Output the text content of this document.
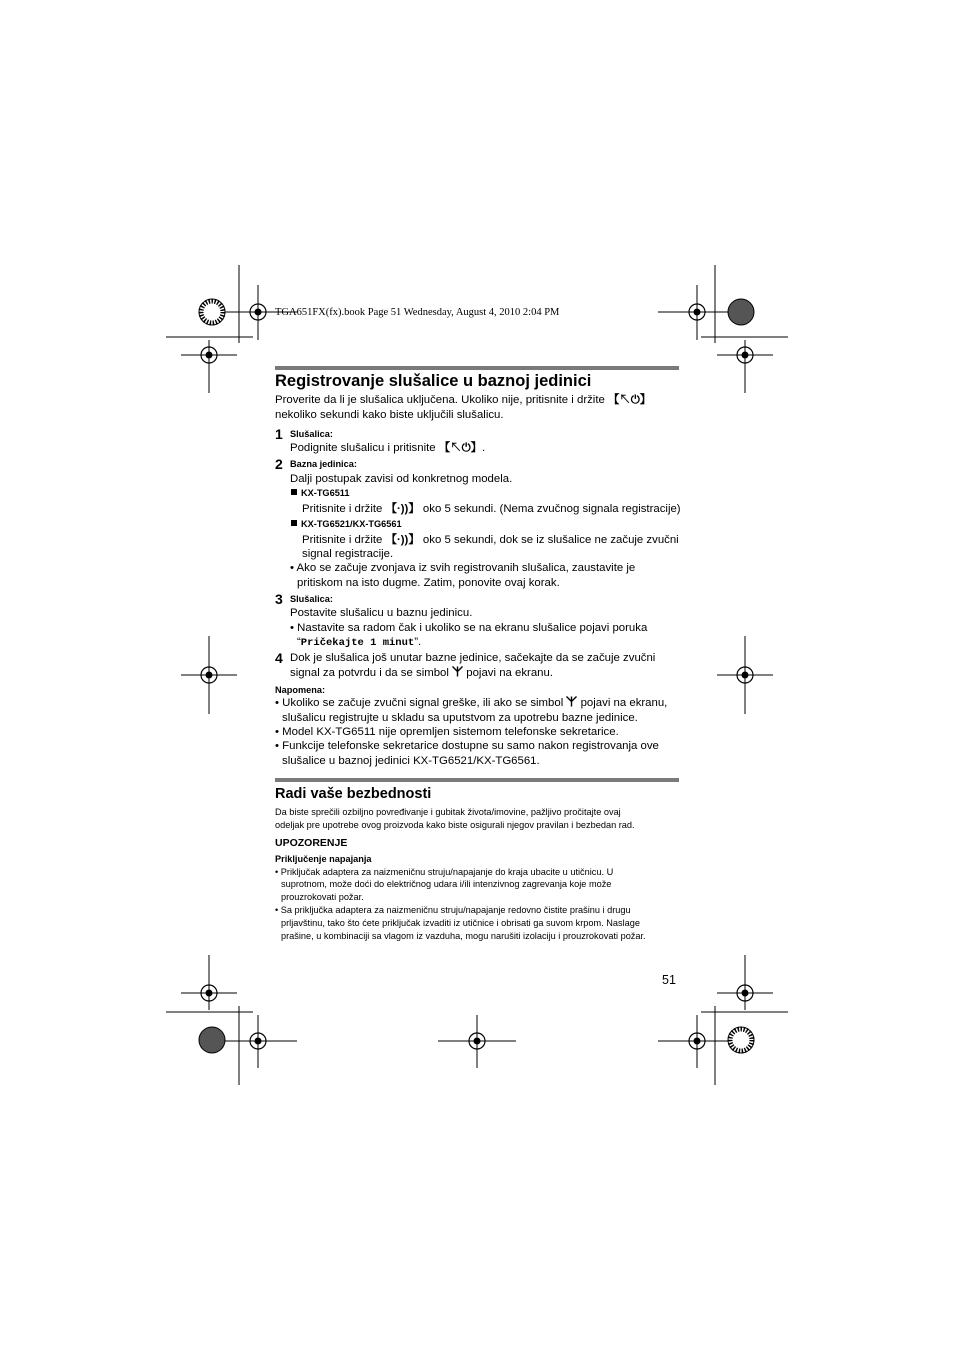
TGA651FX(fx).book Page 51 Wednesday, August 4, 2010 2:04 PM
Registrovanje slušalice u baznoj jedinici
Proverite da li je slušalica uključena. Ukoliko nije, pritisnite i držite 【↖⏻】
nekoliko sekundi kako biste uključili slušalicu.
1 Slušalica:
Podignite slušalicu i pritisnite 【↖⏻】.
2 Bazna jedinica:
Dalji postupak zavisi od konkretnog modela.
KX-TG6511
Pritisnite i držite 【·))】 oko 5 sekundi. (Nema zvučnog signala registracije)
KX-TG6521/KX-TG6561
Pritisnite i držite 【·))】 oko 5 sekundi, dok se iz slušalice ne začuje zvučni
signal registracije.
• Ako se začuje zvonjava iz svih registrovanih slušalica, zaustavite je
pritiskom na isto dugme. Zatim, ponovite ovaj korak.
3 Slušalica:
Postavite slušalicu u baznu jedinicu.
• Nastavite sa radom čak i ukoliko se na ekranu slušalice pojavi poruka
“Pričekajte 1 minut”.
4 Dok je slušalica još unutar bazne jedinice, sačekajte da se začuje zvučni
signal za potvrdu i da se simbol pojavi na ekranu.
Napomena:
• Ukoliko se začuje zvučni signal greške, ili ako se simbol pojavi na ekranu,
slušalicu registrujte u skladu sa uputstvom za upotrebu bazne jedinice.
• Model KX-TG6511 nije opremljen sistemom telefonske sekretarice.
• Funkcije telefonske sekretarice dostupne su samo nakon registrovanja ove
slušalice u baznoj jedinici KX-TG6521/KX-TG6561.
Radi vaše bezbednosti
Da biste sprečili ozbiljno povređivanje i gubitak života/imovine, pažljivo pročitajte ovaj
odeljak pre upotrebe ovog proizvoda kako biste osigurali njegov pravilan i bezbedan rad.
UPOZORENJE
Priključenje napajanja
• Priključak adaptera za naizmeničnu struju/napajanje do kraja ubacite u utičnicu. U
suprotnom, može doći do električnog udara i/ili intenzivnog zagrevanja koje može
prouzrokovati požar.
• Sa priključka adaptera za naizmeničnu struju/napajanje redovno čistite prašinu i drugu
prljavštinu, tako što ćete priključak izvaditi iz utičnice i obrisati ga suvom krpom. Naslage
prašine, u kombinaciji sa vlagom iz vazduha, mogu narušiti izolaciju i prouzrokovati požar.
51
